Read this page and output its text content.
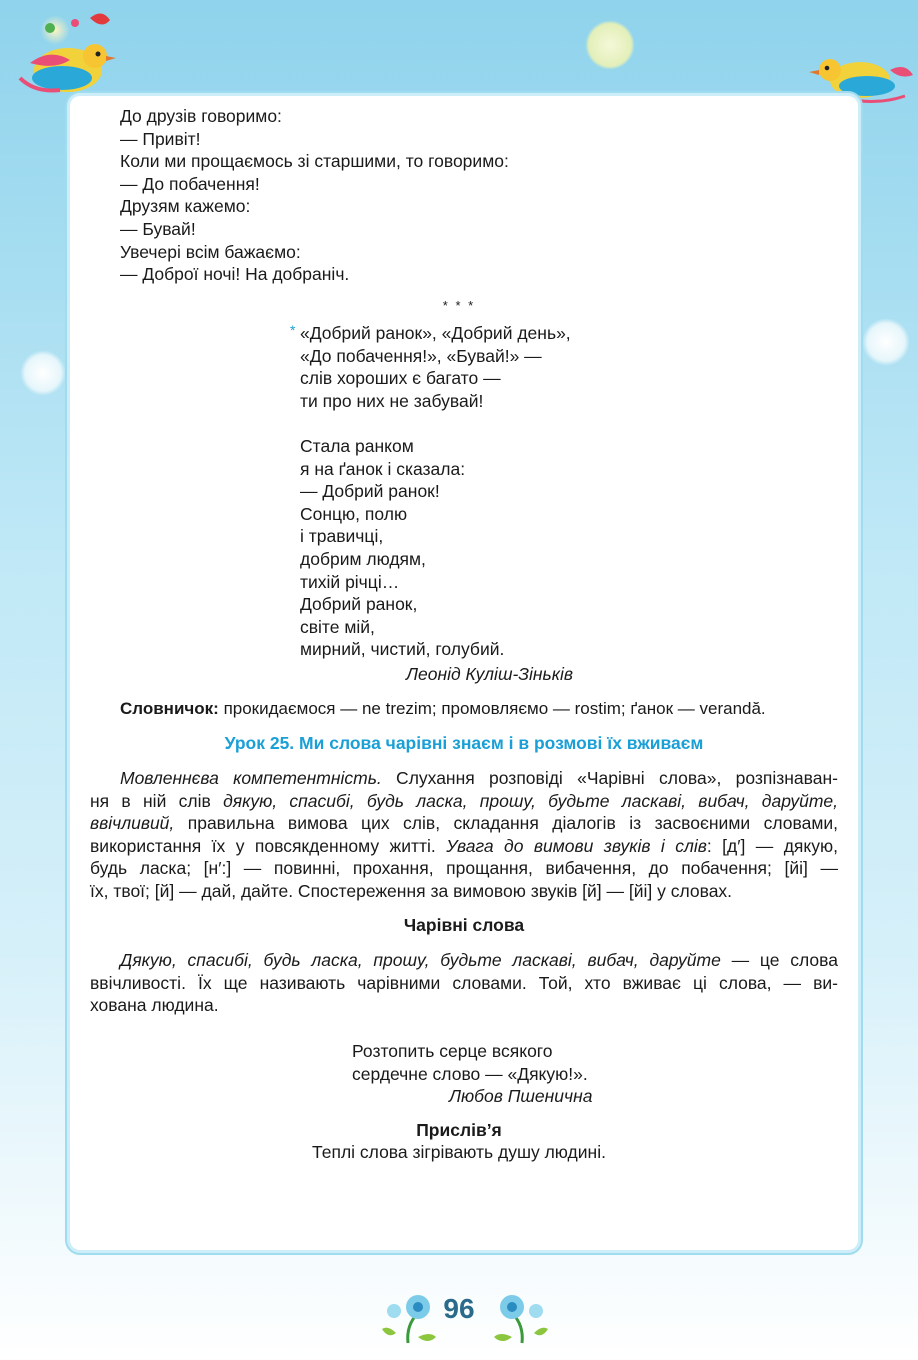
До друзів говоримо:
— Привіт!
Коли ми прощаємось зі старшими, то говоримо:
— До побачення!
Друзям кажемо:
— Бувай!
Увечері всім бажаємо:
— Доброї ночі! На добраніч.
* * *
* «Добрий ранок», «Добрий день»,
«До побачення!», «Бувай!» —
слів хороших є багато —
ти про них не забувай!

Стала ранком
я на ґанок і сказала:
— Добрий ранок!
Сонцю, полю
і травичці,
добрим людям,
тихій річці…
Добрий ранок,
світе мій,
мирний, чистий, голубий.
Леонід Куліш-Зіньків
Словничок: прокидаємося — ne trezim; промовляємо — rostim; ґанок — verandă.
Урок 25. Ми слова чарівні знаєм і в розмові їх вживаєм
Мовленнєва компетентність. Слухання розповіді «Чарівні слова», розпізнаван-
ня в ній слів дякую, спасибі, будь ласка, прошу, будьте ласкаві, вибач, даруйте,
ввічливий, правильна вимова цих слів, складання діалогів із засвоєними словами,
використання їх у повсякденному житті. Увага до вимови звуків і слів: [д′] — дякую,
будь ласка; [н′:] — повинні, прохання, прощання, вибачення, до побачення; [йі] —
їх, твої; [й] — дай, дайте. Спостереження за вимовою звуків [й] — [йі] у словах.
Чарівні слова
Дякую, спасибі, будь ласка, прошу, будьте ласкаві, вибач, даруйте — це слова
ввічливості. Їх ще називають чарівними словами. Той, хто вживає ці слова, — ви-
хована людина.
Розтопить серце всякого
сердечне слово — «Дякую!».
Любов Пшенична
Прислів’я
Теплі слова зігрівають душу людині.
96
